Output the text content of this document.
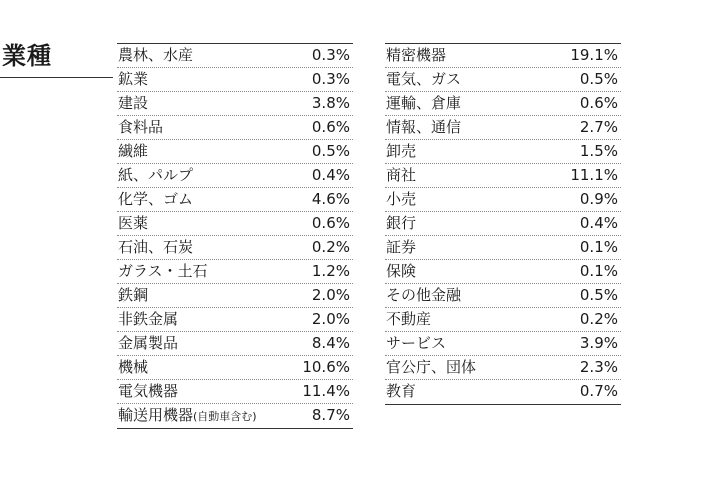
業種	農林、水産	0.3%
鉱業	0.3%
建設	3.8%
食料品	0.6%
繊維	0.5%
紙、パルプ	0.4%
化学、ゴム	4.6%
医薬	0.6%
石油、石炭	0.2%
ガラス・土石	1.2%
鉄鋼	2.0%
非鉄金属	2.0%
金属製品	8.4%
機械	10.6%
電気機器	11.4%
輸送用機器(自動車含む)	8.7%
精密機器	19.1%
電気、ガス	0.5%
運輸、倉庫	0.6%
情報、通信	2.7%
卸売	1.5%
商社	11.1%
小売	0.9%
銀行	0.4%
証券	0.1%
保険	0.1%
その他金融	0.5%
不動産	0.2%
サービス	3.9%
官公庁、団体	2.3%
教育	0.7%
